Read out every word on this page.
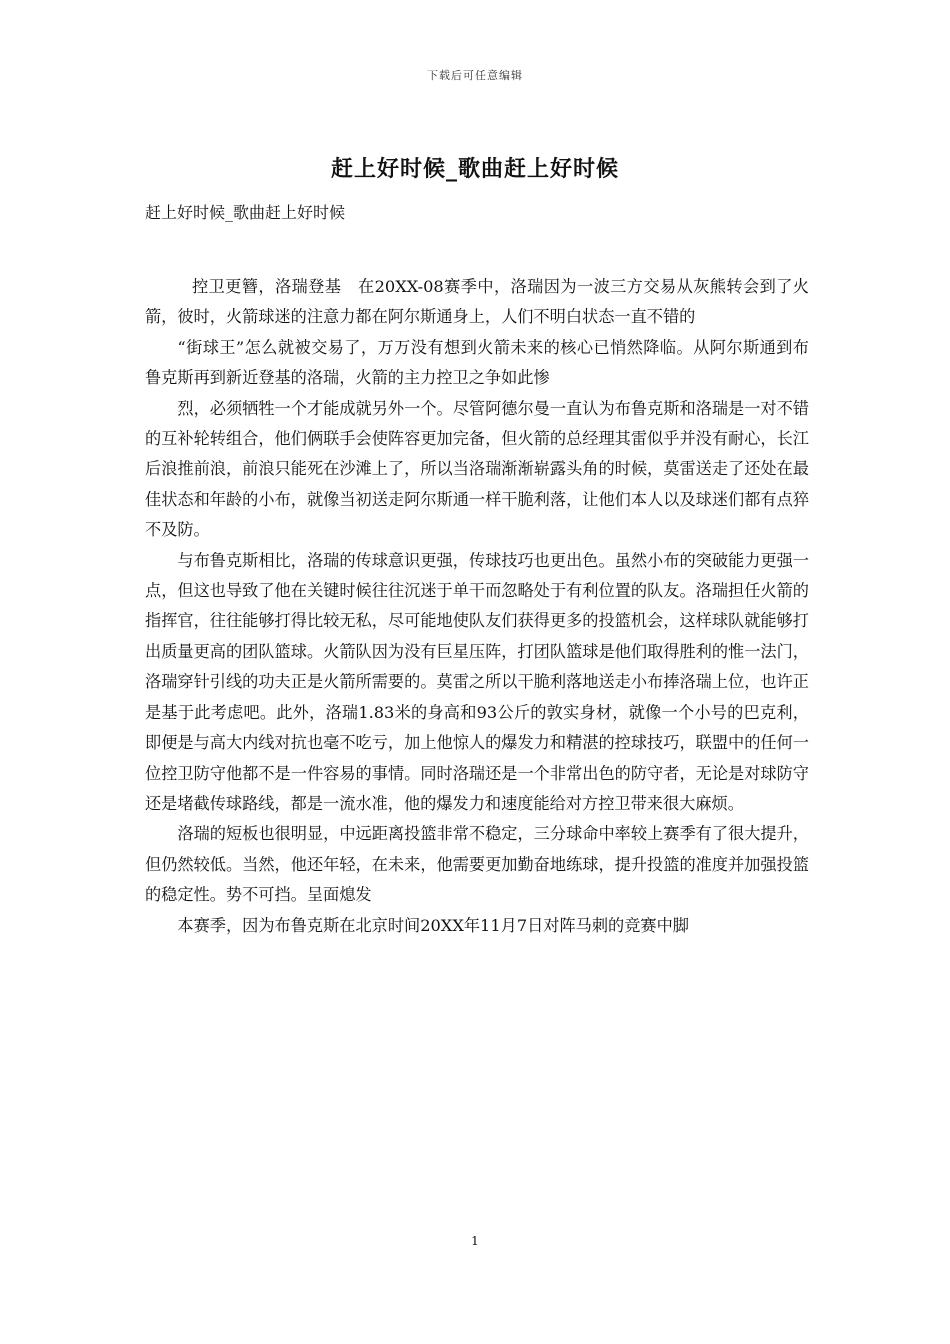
下载后可任意编辑
赶上好时候_歌曲赶上好时候

赶上好时候_歌曲赶上好时候

控卫更簪，洛瑞登基　在20XX-08赛季中，洛瑞因为一波三方交易从灰熊转会到了火箭，彼时，火箭球迷的注意力都在阿尔斯通身上，人们不明白状态一直不错的

“街球王”怎么就被交易了，万万没有想到火箭未来的核心已悄然降临。从阿尔斯通到布鲁克斯再到新近登基的洛瑞，火箭的主力控卫之争如此惨

烈，必须牺牲一个才能成就另外一个。尽管阿德尔曼一直认为布鲁克斯和洛瑞是一对不错的互补轮转组合，他们俩联手会使阵容更加完备，但火箭的总经理其雷似乎并没有耐心，长江后浪推前浪，前浪只能死在沙滩上了，所以当洛瑞渐渐崭露头角的时候，莫雷送走了还处在最佳状态和年龄的小布，就像当初送走阿尔斯通一样干脆利落，让他们本人以及球迷们都有点猝不及防。

与布鲁克斯相比，洛瑞的传球意识更强，传球技巧也更出色。虽然小布的突破能力更强一点，但这也导致了他在关键时候往往沉迷于单干而忽略处于有利位置的队友。洛瑞担任火箭的指挥官，往往能够打得比较无私，尽可能地使队友们获得更多的投篮机会，这样球队就能够打出质量更高的团队篮球。火箭队因为没有巨星压阵，打团队篮球是他们取得胜利的惟一法门，洛瑞穿针引线的功夫正是火箭所需要的。莫雷之所以干脆利落地送走小布捧洛瑞上位，也许正是基于此考虑吧。此外，洛瑞1.83米的身高和93公斤的敦实身材，就像一个小号的巴克利，即便是与高大内线对抗也毫不吃亏，加上他惊人的爆发力和精湛的控球技巧，联盟中的任何一位控卫防守他都不是一件容易的事情。同时洛瑞还是一个非常出色的防守者，无论是对球防守还是堵截传球路线，都是一流水准，他的爆发力和速度能给对方控卫带来很大麻烦。

洛瑞的短板也很明显，中远距离投篮非常不稳定，三分球命中率较上赛季有了很大提升，但仍然较低。当然，他还年轻，在未来，他需要更加勤奋地练球，提升投篮的准度并加强投篮的稳定性。势不可挡。呈面熄发

本赛季，因为布鲁克斯在北京时间20XX年11月7日对阵马刺的竞赛中脚

1
